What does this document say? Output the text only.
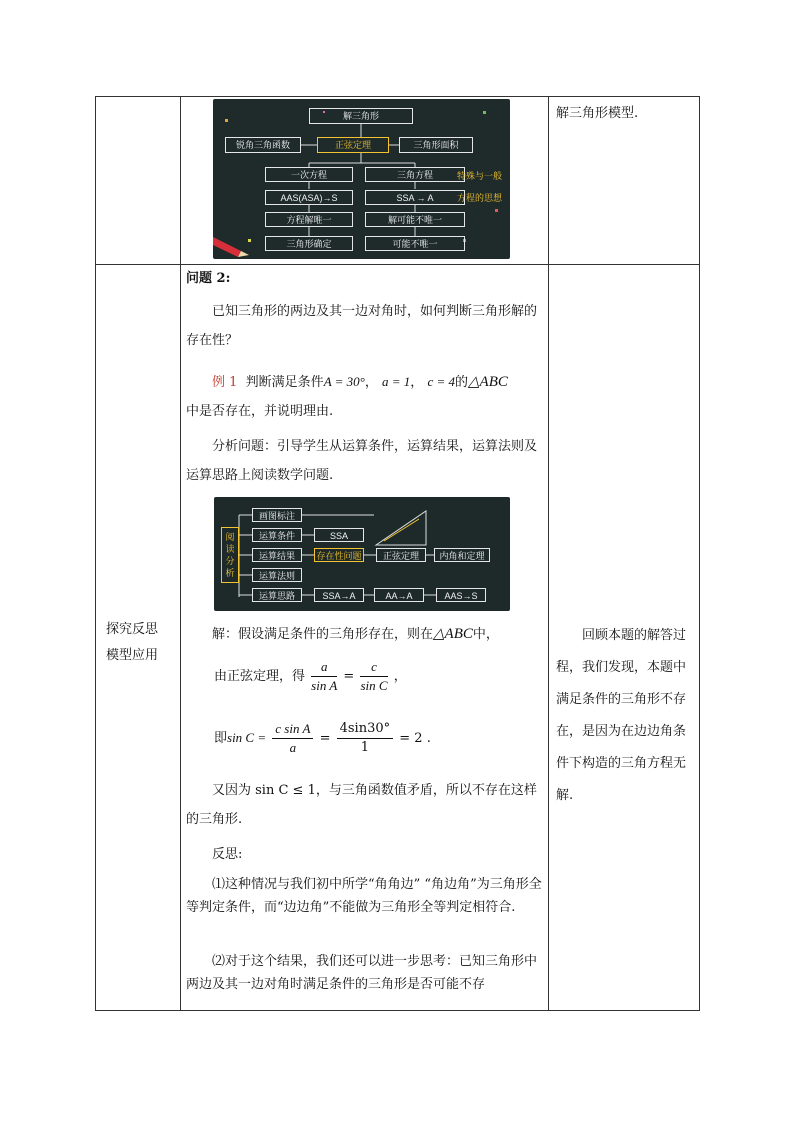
解三角形模型.
解三角形
锐角三角函数	正弦定理	三角形面积
一次方程	三角方程
AAS(ASA)→S	SSA → A
方程解唯一	解可能不唯一
三角形确定	可能不唯一
特殊与一般
方程的思想
探究反思
模型应用
问题 2:
已知三角形的两边及其一边对角时，如何判断三角形解的存在性？
例 1 判断满足条件A = 30°， a = 1， c = 4的△ABC
中是否存在，并说明理由.
分析问题：引导学生从运算条件，运算结果，运算法则及运算思路上阅读数学问题.
阅读分析
画图标注
运算条件
运算结果
运算法则
运算思路
SSA
存在性问题	正弦定理	内角和定理
SSA→A	AA→A	AAS→S
解：假设满足条件的三角形存在，则在△ABC中，
由正弦定理，得 $\frac{a}{\text{sin A}} = \frac{c}{\text{sin C}}$ ，
即$\sin C = \frac{\text{c sin A}}{a} = \frac{4\sin 30^\circ}{1} = 2$ .
又因为 sin C ≤ 1，与三角函数值矛盾，所以不存在这样的三角形.
反思:
⑴这种情况与我们初中所学“角角边” “角边角”为三角形全等判定条件，而“边边角”不能做为三角形全等判定相符合.
⑵对于这个结果，我们还可以进一步思考：已知三角形中两边及其一边对角时满足条件的三角形是否可能不存
回顾本题的解答过程，我们发现，本题中满足条件的三角形不存在，是因为在边边角条件下构造的三角方程无解.
